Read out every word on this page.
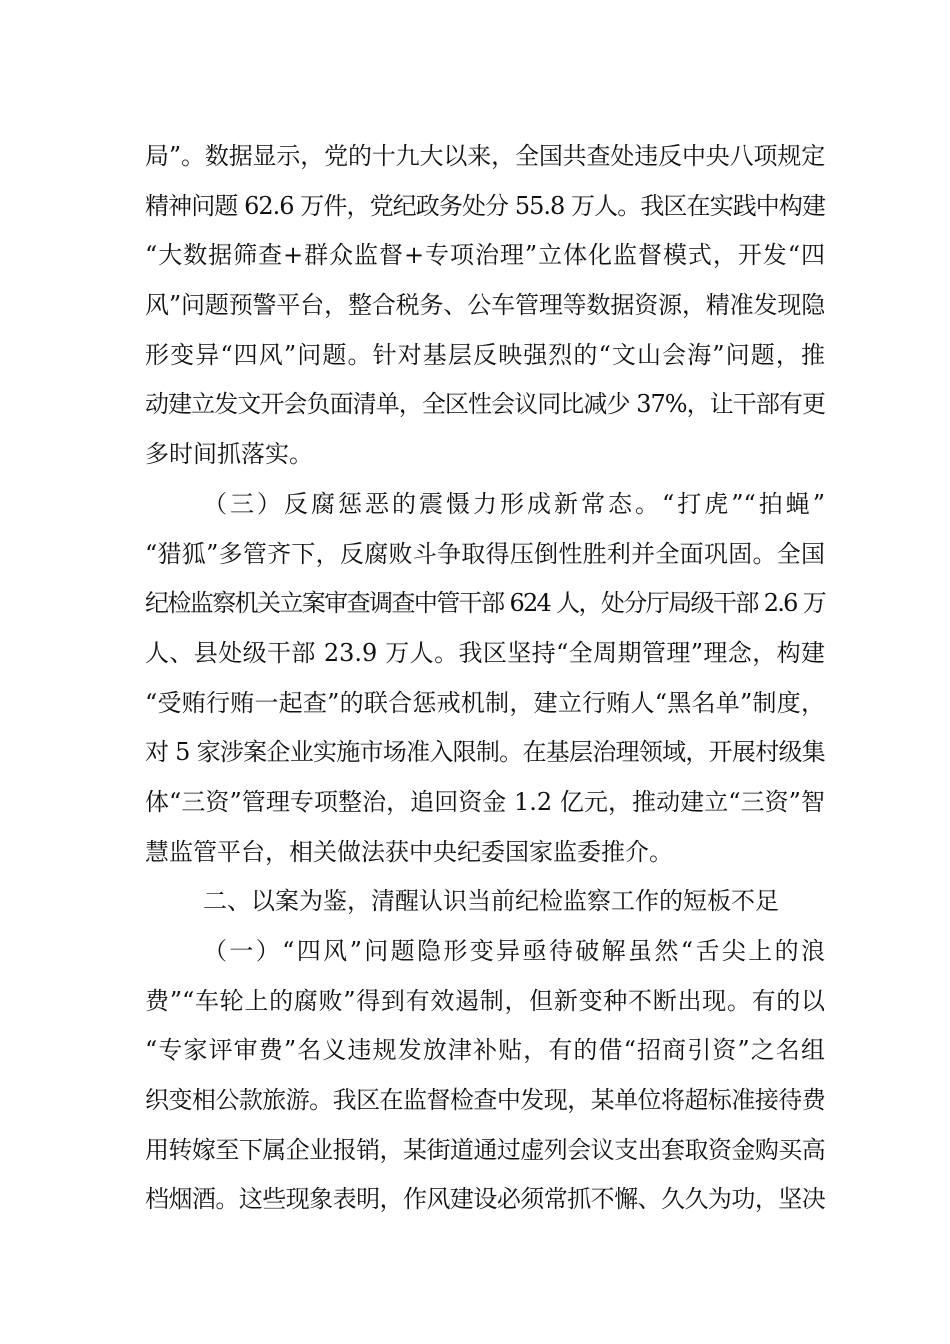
局”。数据显示，党的十九大以来，全国共查处违反中央八项规定
精神问题 62.6 万件，党纪政务处分 55.8 万人。我区在实践中构建
“大数据筛查+群众监督+专项治理”立体化监督模式，开发“四
风”问题预警平台，整合税务、公车管理等数据资源，精准发现隐
形变异“四风”问题。针对基层反映强烈的“文山会海”问题，推
动建立发文开会负面清单，全区性会议同比减少 37%，让干部有更
多时间抓落实。
（三）反腐惩恶的震慑力形成新常态。“打虎”“拍蝇”
“猎狐”多管齐下，反腐败斗争取得压倒性胜利并全面巩固。全国
纪检监察机关立案审查调查中管干部 624 人，处分厅局级干部 2.6 万
人、县处级干部 23.9 万人。我区坚持“全周期管理”理念，构建
“受贿行贿一起查”的联合惩戒机制，建立行贿人“黑名单”制度，
对 5 家涉案企业实施市场准入限制。在基层治理领域，开展村级集
体“三资”管理专项整治，追回资金 1.2 亿元，推动建立“三资”智
慧监管平台，相关做法获中央纪委国家监委推介。
二、以案为鉴，清醒认识当前纪检监察工作的短板不足
（一）“四风”问题隐形变异亟待破解虽然“舌尖上的浪
费”“车轮上的腐败”得到有效遏制，但新变种不断出现。有的以
“专家评审费”名义违规发放津补贴，有的借“招商引资”之名组
织变相公款旅游。我区在监督检查中发现，某单位将超标准接待费
用转嫁至下属企业报销，某街道通过虚列会议支出套取资金购买高
档烟酒。这些现象表明，作风建设必须常抓不懈、久久为功，坚决
